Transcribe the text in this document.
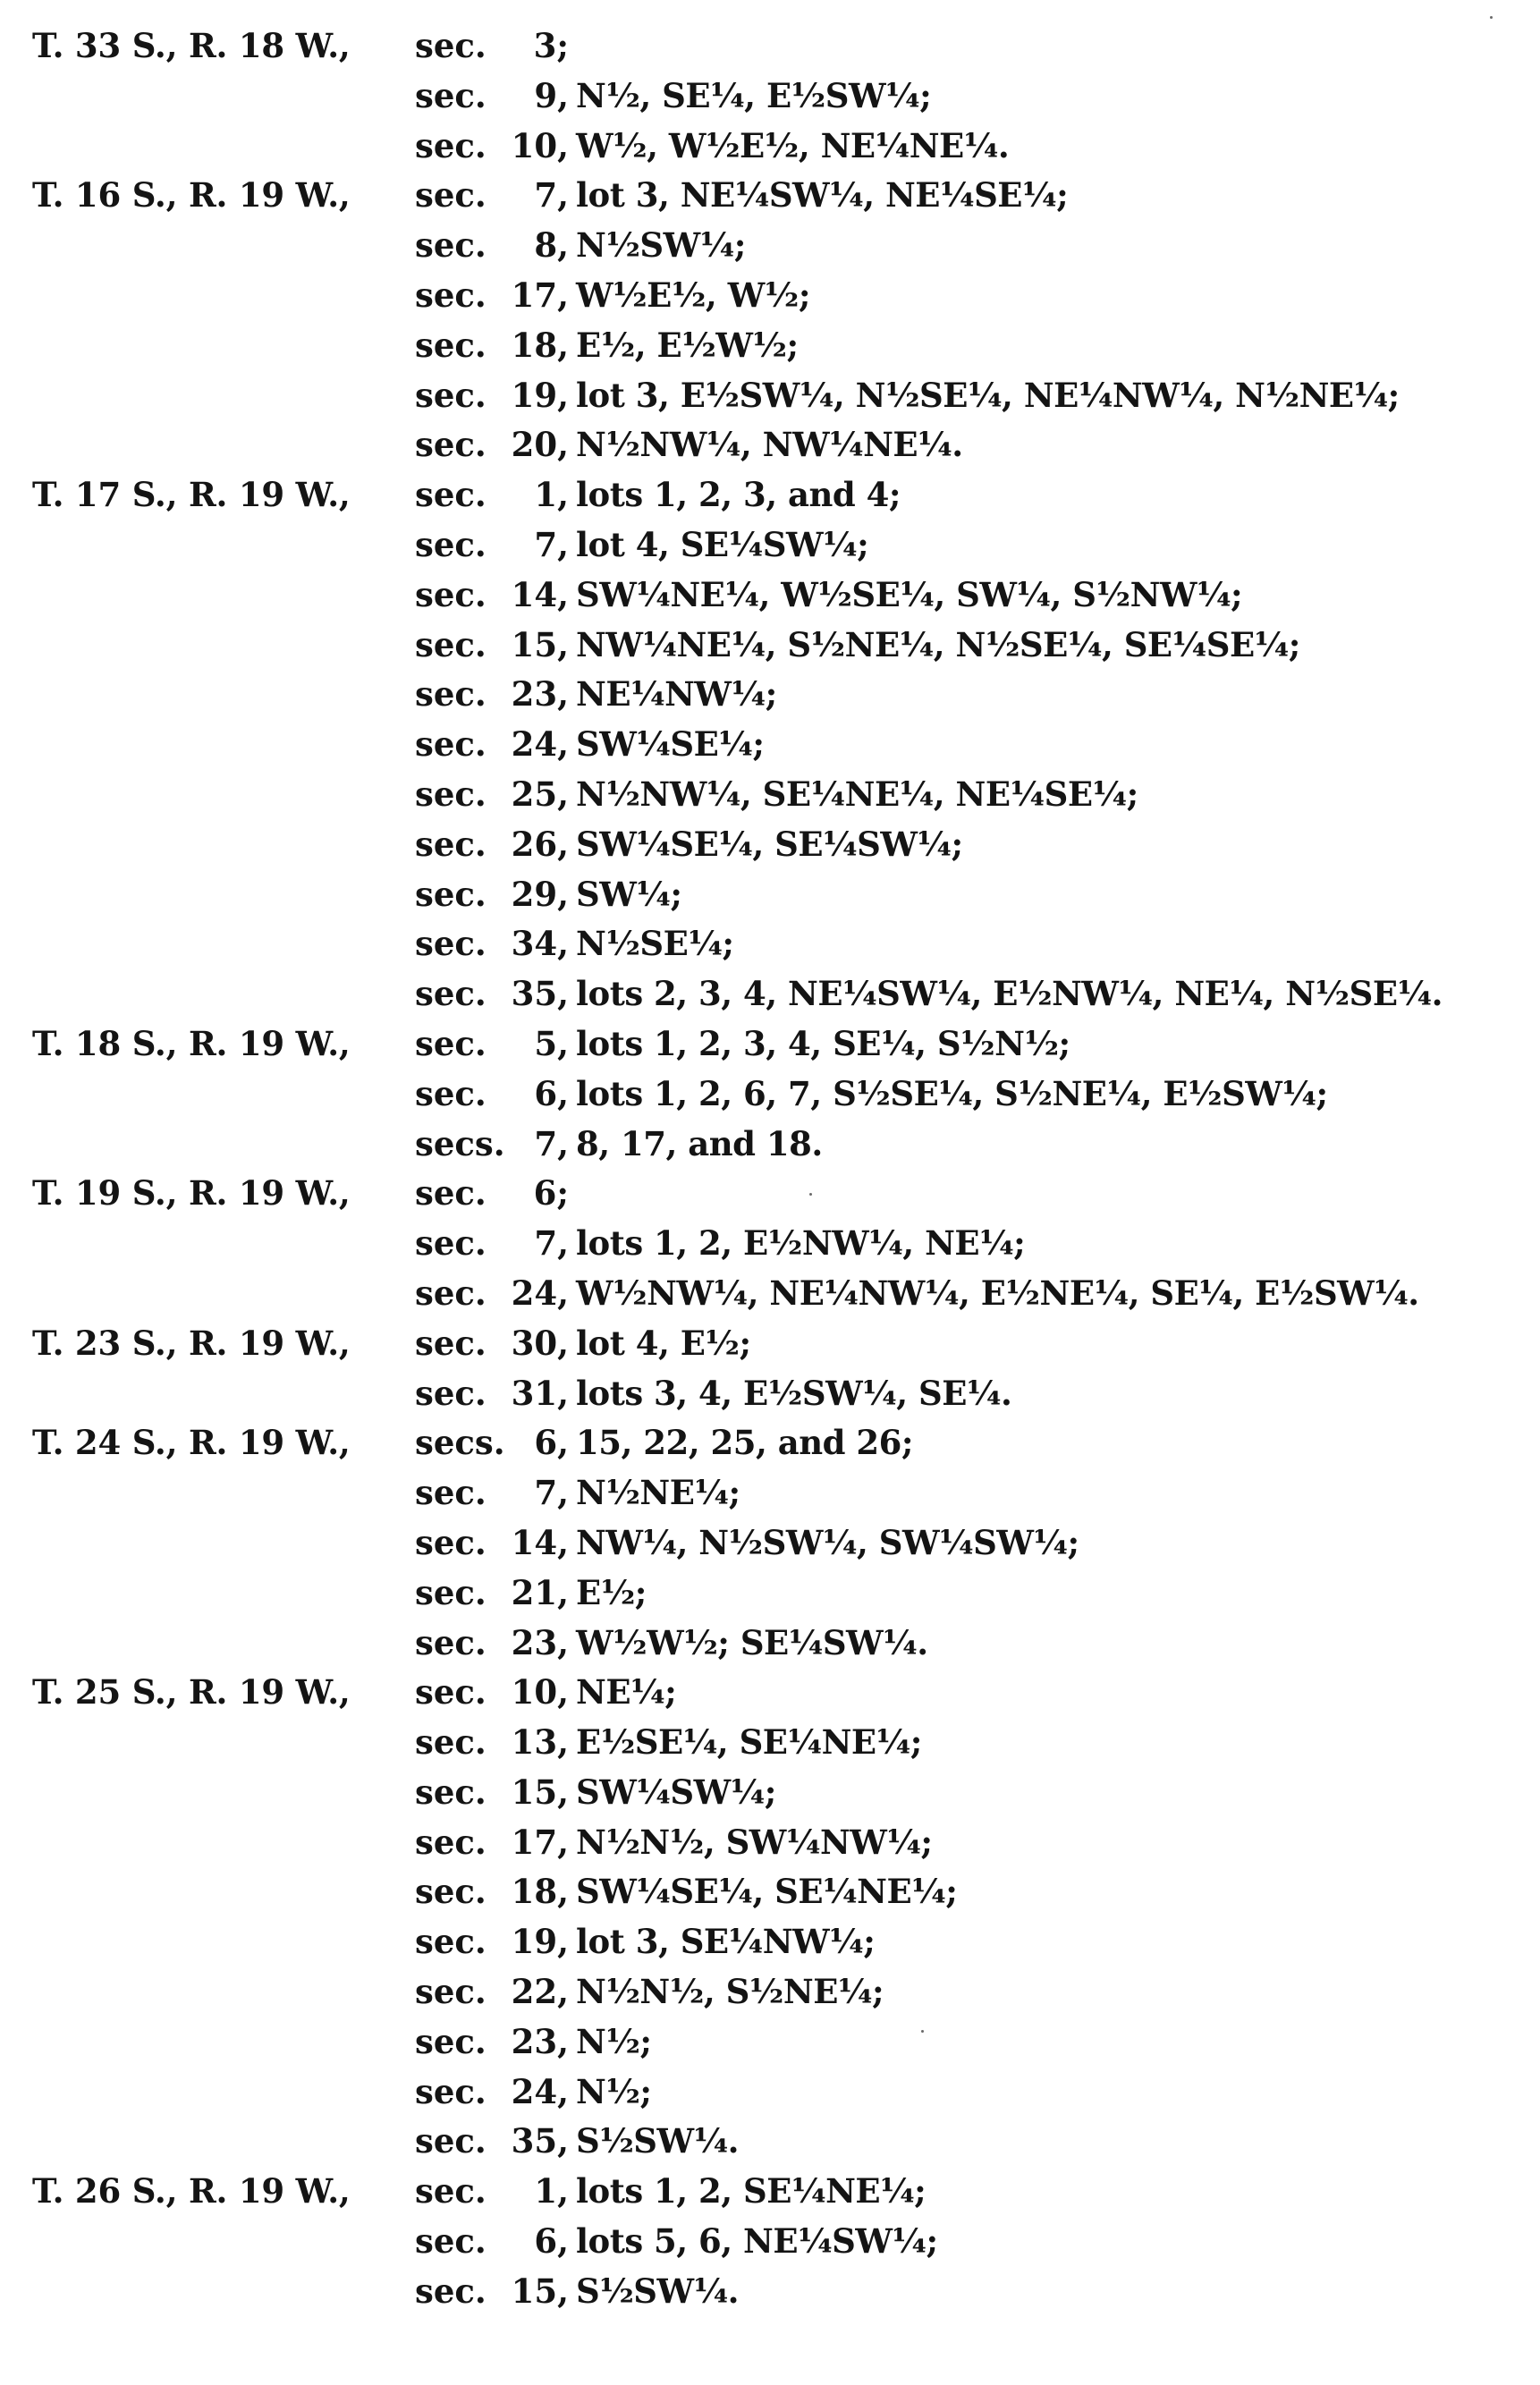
T. 33 S., R. 18 W.,	sec.	3;
sec.	9, N½, SE¼, E½SW¼;
sec. 10, W½, W½E½, NE¼NE¼.
T. 16 S., R. 19 W.,	sec.	7, lot 3, NE¼SW¼, NE¼SE¼;
sec.	8, N½SW¼;
sec. 17, W½E½, W½;
sec. 18, E½, E½W½;
sec. 19, lot 3, E½SW¼, N½SE¼, NE¼NW¼, N½NE¼;
sec. 20, N½NW¼, NW¼NE¼.
T. 17 S., R. 19 W.,	sec.	1, lots 1, 2, 3, and 4;
sec.	7, lot 4, SE¼SW¼;
sec. 14, SW¼NE¼, W½SE¼, SW¼, S½NW¼;
sec. 15, NW¼NE¼, S½NE¼, N½SE¼, SE¼SE¼;
sec. 23, NE¼NW¼;
sec. 24, SW¼SE¼;
sec. 25, N½NW¼, SE¼NE¼, NE¼SE¼;
sec. 26, SW¼SE¼, SE¼SW¼;
sec. 29, SW¼;
sec. 34, N½SE¼;
sec. 35, lots 2, 3, 4, NE¼SW¼, E½NW¼, NE¼, N½SE¼.
T. 18 S., R. 19 W.,	sec.	5, lots 1, 2, 3, 4, SE¼, S½N½;
sec.	6, lots 1, 2, 6, 7, S½SE¼, S½NE¼, E½SW¼;
secs. 7, 8, 17, and 18.
T. 19 S., R. 19 W.,	sec.	6;
sec.	7, lots 1, 2, E½NW¼, NE¼;
sec. 24, W½NW¼, NE¼NW¼, E½NE¼, SE¼, E½SW¼.
T. 23 S., R. 19 W.,	sec. 30, lot 4, E½;
sec. 31, lots 3, 4, E½SW¼, SE¼.
T. 24 S., R. 19 W.,	secs. 6, 15, 22, 25, and 26;
sec.	7, N½NE¼;
sec. 14, NW¼, N½SW¼, SW¼SW¼;
sec. 21, E½;
sec. 23, W½W½; SE¼SW¼.
T. 25 S., R. 19 W.,	sec. 10, NE¼;
sec. 13, E½SE¼, SE¼NE¼;
sec. 15, SW¼SW¼;
sec. 17, N½N½, SW¼NW¼;
sec. 18, SW¼SE¼, SE¼NE¼;
sec. 19, lot 3, SE¼NW¼;
sec. 22, N½N½, S½NE¼;
sec. 23, N½;
sec. 24, N½;
sec. 35, S½SW¼.
T. 26 S., R. 19 W.,	sec.	1, lots 1, 2, SE¼NE¼;
sec.	6, lots 5, 6, NE¼SW¼;
sec. 15, S½SW¼.
